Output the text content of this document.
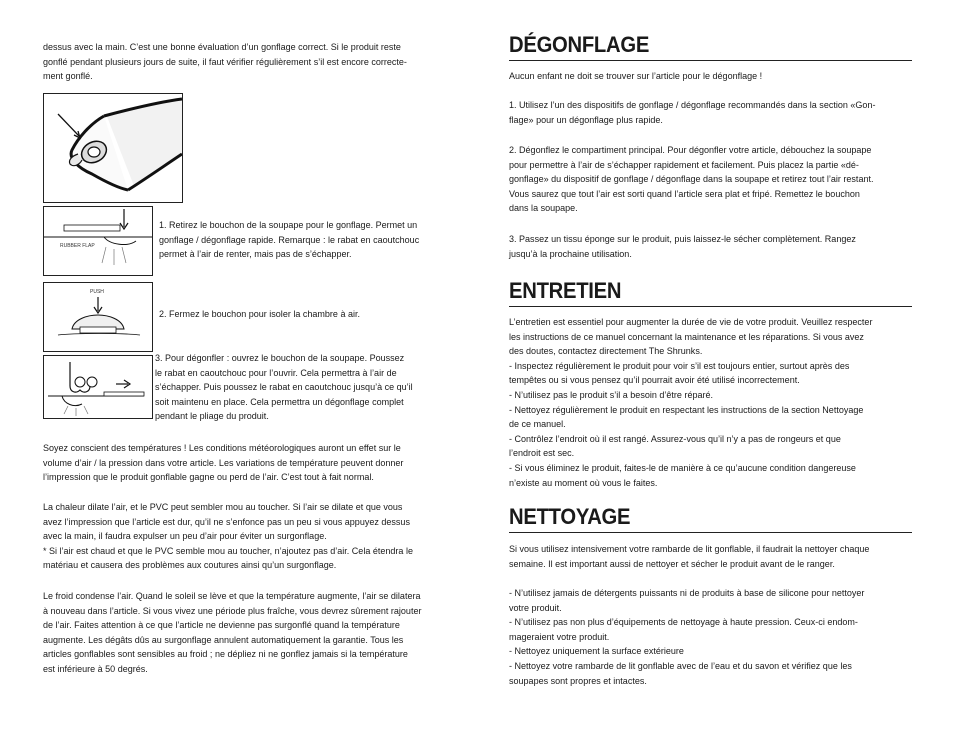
dessus avec la main. C’est une bonne évaluation d’un gonflage correct. Si le produit reste

gonflé pendant plusieurs jours de suite, il faut vérifier régulièrement s’il est encore correcte-

ment gonflé.

RUBBER FLAP
1. Retirez le bouchon de la soupape pour le gonflage. Permet un
gonflage / dégonflage rapide. Remarque : le rabat en caoutchouc
permet à l’air de renter, mais pas de s’échapper.
PUSH
2. Fermez le bouchon pour isoler la chambre à air.
3. Pour dégonfler : ouvrez le bouchon de la soupape. Poussez
le rabat en caoutchouc pour l’ouvrir. Cela permettra à l’air de
s’échapper. Puis poussez le rabat en caoutchouc jusqu’à ce qu’il
soit maintenu en place. Cela permettra un dégonflage complet
pendant le pliage du produit.

Soyez conscient des températures ! Les conditions météorologiques auront un effet sur le

volume d’air / la pression dans votre article. Les variations de température peuvent donner

l’impression que le produit gonflable gagne ou perd de l’air. C’est tout à fait normal.

La chaleur dilate l’air, et le PVC peut sembler mou au toucher. Si l’air se dilate et que vous

avez l’impression que l’article est dur, qu’il ne s’enfonce pas un peu si vous appuyez dessus

avec la main, il faudra expulser un peu d’air pour éviter un surgonflage.

* Si l’air est chaud et que le PVC semble mou au toucher, n’ajoutez pas d’air. Cela étendra le

matériau et causera des problèmes aux coutures ainsi qu’un surgonflage.

Le froid condense l’air. Quand le soleil se lève et que la température augmente, l’air se dilatera

à nouveau dans l’article. Si vous vivez une période plus fraîche, vous devrez sûrement rajouter

de l’air. Faites attention à ce que l’article ne devienne pas surgonflé quand la température

augmente. Les dégâts dûs au surgonflage annulent automatiquement la garantie. Tous les

articles gonflables sont sensibles au froid ; ne dépliez ni ne gonflez jamais si la température

est inférieure à 50 degrés.

DÉGONFLAGE

Aucun enfant ne doit se trouver sur l’article pour le dégonflage !

1. Utilisez l’un des dispositifs de gonflage / dégonflage recommandés dans la section «Gon-

flage» pour un dégonflage plus rapide.

2. Dégonflez le compartiment principal. Pour dégonfler votre article, débouchez la soupape

pour permettre à l’air de s’échapper rapidement et facilement. Puis placez la partie «dé-

gonflage» du dispositif de gonflage / dégonflage dans la soupape et retirez tout l’air restant.

Vous saurez que tout l’air est sorti quand l’article sera plat et fripé. Remettez le bouchon

dans la soupape.

3. Passez un tissu éponge sur le produit, puis laissez-le sécher complètement. Rangez

jusqu’à la prochaine utilisation.

ENTRETIEN

L’entretien est essentiel pour augmenter la durée de vie de votre produit. Veuillez respecter

les instructions de ce manuel concernant la maintenance et les réparations. Si vous avez

des doutes, contactez directement The Shrunks.

- Inspectez régulièrement le produit pour voir s’il est toujours entier, surtout après des

tempêtes ou si vous pensez qu’il pourrait avoir été utilisé incorrectement.

- N’utilisez pas le produit s’il a besoin d’être réparé.

- Nettoyez régulièrement le produit en respectant les instructions de la section Nettoyage

de ce manuel.

- Contrôlez l’endroit où il est rangé. Assurez-vous qu’il n’y a pas de rongeurs et que

l’endroit est sec.

- Si vous éliminez le produit, faites-le de manière à ce qu’aucune condition dangereuse

n’existe au moment où vous le faites.

NETTOYAGE

Si vous utilisez intensivement votre rambarde de lit gonflable, il faudrait la nettoyer chaque

semaine. Il est important aussi de nettoyer et sécher le produit avant de le ranger.

- N’utilisez jamais de détergents puissants ni de produits à base de silicone pour nettoyer

votre produit.

- N’utilisez pas non plus d’équipements de nettoyage à haute pression. Ceux-ci endom-

mageraient votre produit.

- Nettoyez uniquement la surface extérieure

- Nettoyez votre rambarde de lit gonflable avec de l’eau et du savon et vérifiez que les

soupapes sont propres et intactes.
